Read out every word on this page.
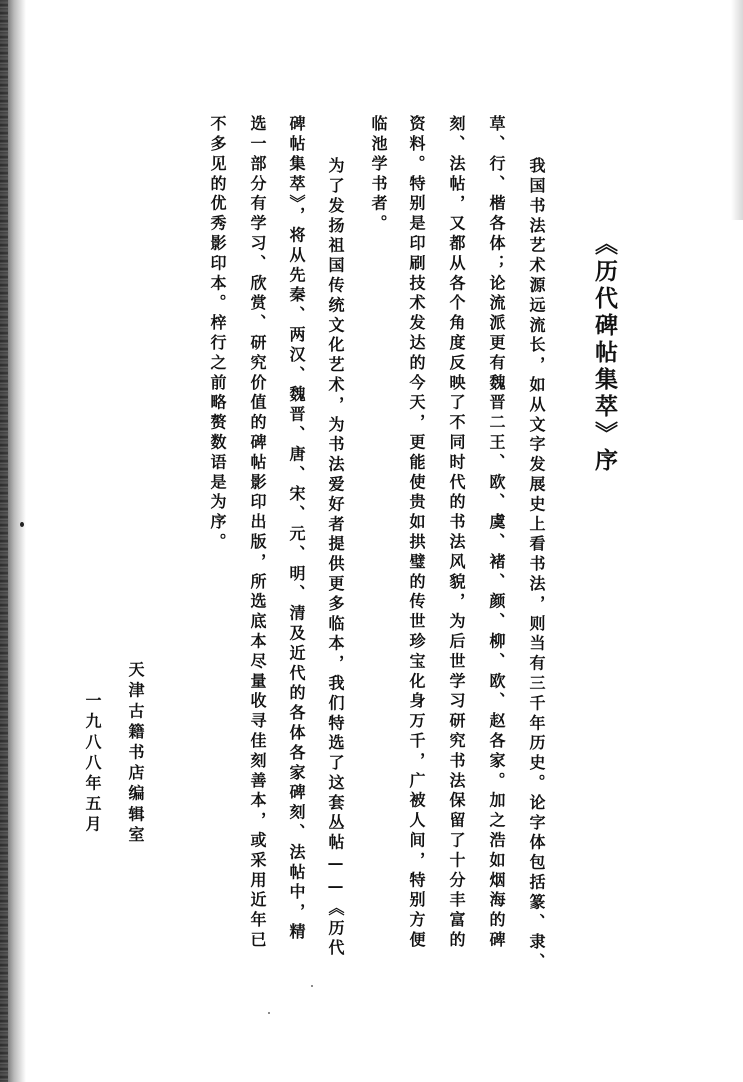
《历代碑帖集萃》序
我国书法艺术源远流长，如从文字发展史上看书法，则当有三千年历史。论字体包括篆、隶、
草、行、楷各体；论流派更有魏晋二王、欧、虞、褚、颜、柳、欧、赵各家。加之浩如烟海的碑
刻、法帖，又都从各个角度反映了不同时代的书法风貌，为后世学习研究书法保留了十分丰富的
资料。特别是印刷技术发达的今天，更能使贵如拱璧的传世珍宝化身万千，广被人间，特别方便
临池学书者。
为了发扬祖国传统文化艺术，为书法爱好者提供更多临本，我们特选了这套丛帖——《历代
碑帖集萃》，将从先秦、两汉、魏晋、唐、宋、元、明、清及近代的各体各家碑刻、法帖中，精
选一部分有学习、欣赏、研究价值的碑帖影印出版，所选底本尽量收寻佳刻善本，或采用近年已
不多见的优秀影印本。梓行之前略赘数语是为序。
天津古籍书店编辑室
一九八八年五月
